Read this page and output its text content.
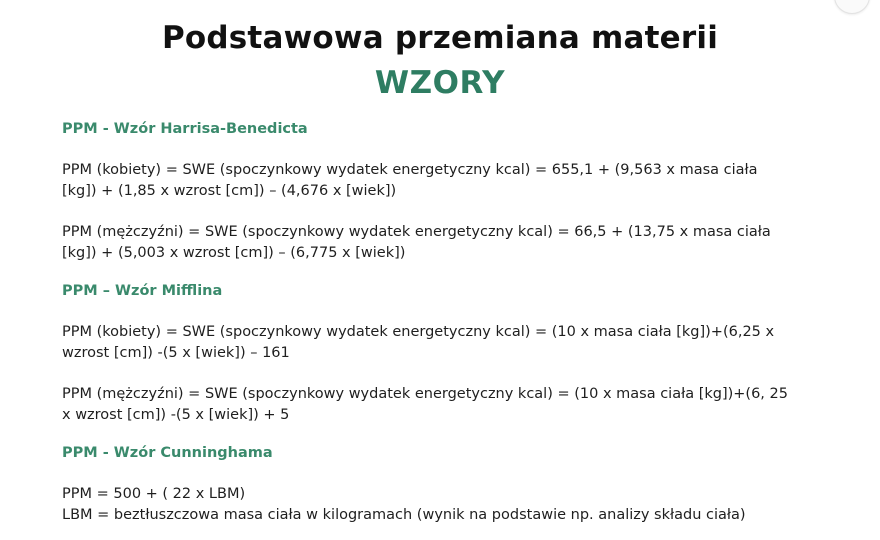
Podstawowa przemiana materii
WZORY

PPM - Wzór Harrisa-Benedicta

PPM (kobiety) = SWE (spoczynkowy wydatek energetyczny kcal) = 655,1 + (9,563 x masa ciała

[kg]) + (1,85 x wzrost [cm]) – (4,676 x [wiek])

PPM (mężczyźni) = SWE (spoczynkowy wydatek energetyczny kcal) = 66,5 + (13,75 x masa ciała

[kg]) + (5,003 x wzrost [cm]) – (6,775 x [wiek])

PPM – Wzór Mifflina

PPM (kobiety) = SWE (spoczynkowy wydatek energetyczny kcal) = (10 x masa ciała [kg])+(6,25 x

wzrost [cm]) -(5 x [wiek]) – 161

PPM (mężczyźni) = SWE (spoczynkowy wydatek energetyczny kcal) = (10 x masa ciała [kg])+(6, 25

x wzrost [cm]) -(5 x [wiek]) + 5

PPM - Wzór Cunninghama

PPM = 500 + ( 22 x LBM)

LBM = beztłuszczowa masa ciała w kilogramach (wynik na podstawie np. analizy składu ciała)
